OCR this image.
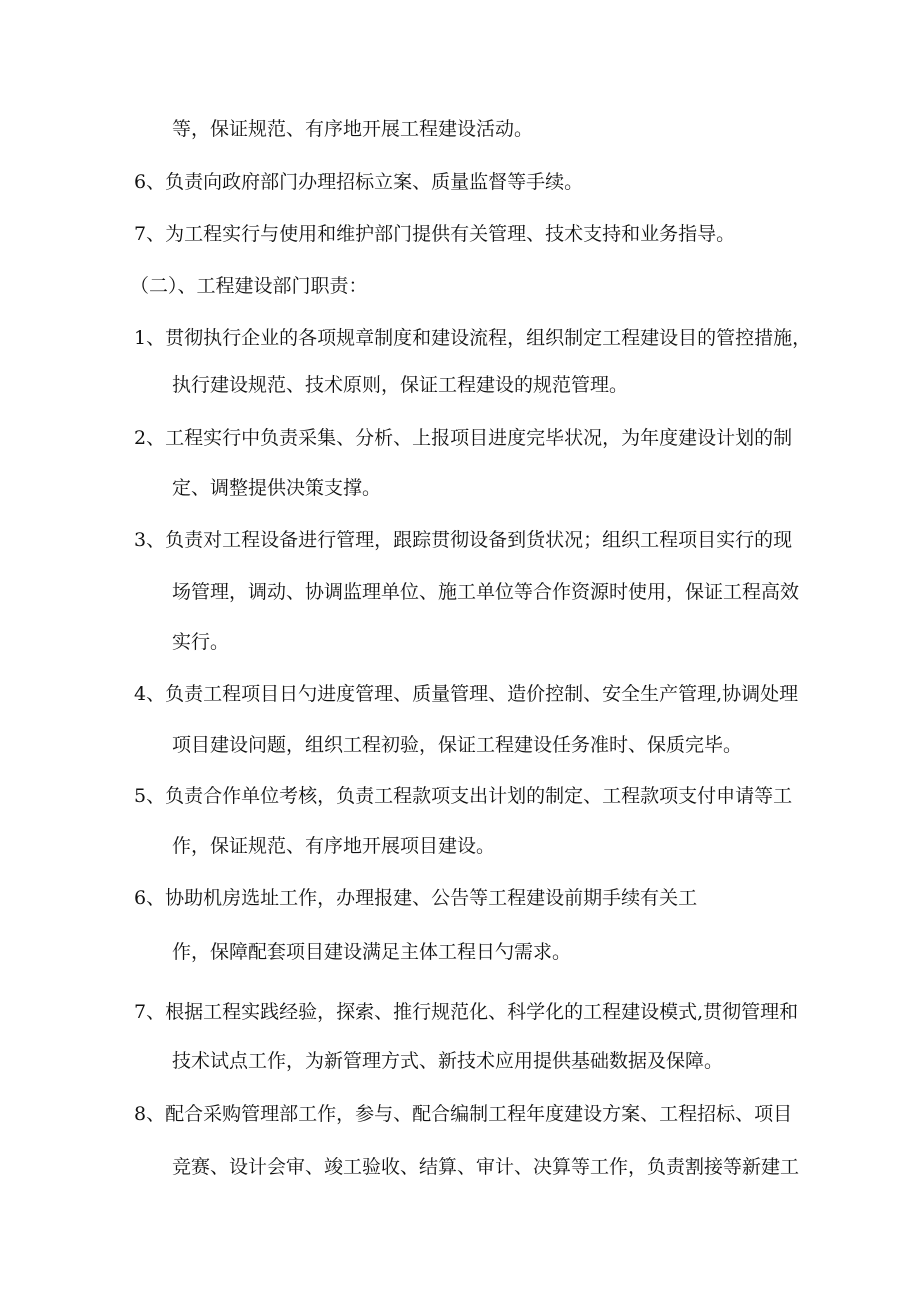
等，保证规范、有序地开展工程建设活动。
6、负责向政府部门办理招标立案、质量监督等手续。
7、为工程实行与使用和维护部门提供有关管理、技术支持和业务指导。
（二）、工程建设部门职责：
1、贯彻执行企业的各项规章制度和建设流程，组织制定工程建设目的管控措施，
执行建设规范、技术原则，保证工程建设的规范管理。
2、工程实行中负责采集、分析、上报项目进度完毕状况，为年度建设计划的制
定、调整提供决策支撑。
3、负责对工程设备进行管理，跟踪贯彻设备到货状况；组织工程项目实行的现
场管理，调动、协调监理单位、施工单位等合作资源时使用，保证工程高效
实行。
4、负责工程项目日勺进度管理、质量管理、造价控制、安全生产管理,协调处理
项目建设问题，组织工程初验，保证工程建设任务准时、保质完毕。
5、负责合作单位考核，负责工程款项支出计划的制定、工程款项支付申请等工
作，保证规范、有序地开展项目建设。
6、协助机房选址工作，办理报建、公告等工程建设前期手续有关工
作，保障配套项目建设满足主体工程日勺需求。
7、根据工程实践经验，探索、推行规范化、科学化的工程建设模式,贯彻管理和
技术试点工作，为新管理方式、新技术应用提供基础数据及保障。
8、配合采购管理部工作，参与、配合编制工程年度建设方案、工程招标、项目
竞赛、设计会审、竣工验收、结算、审计、决算等工作，负责割接等新建工
